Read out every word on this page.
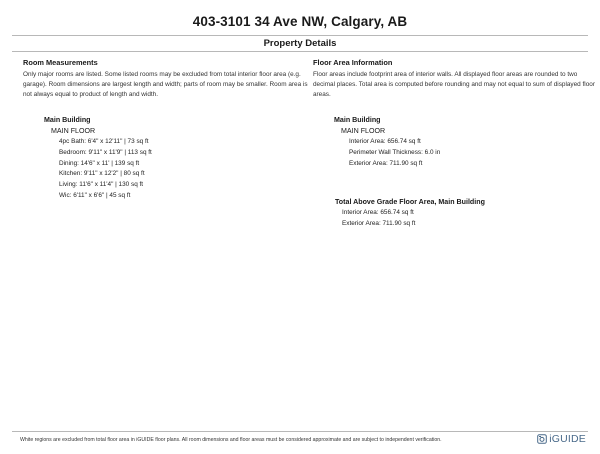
403-3101 34 Ave NW, Calgary, AB
Property Details

Room Measurements

Only major rooms are listed. Some listed rooms may be excluded from total interior floor area (e.g. garage). Room dimensions are largest length and width; parts of room may be smaller. Room area is not always equal to product of length and width.

Main Building
MAIN FLOOR
4pc Bath: 6'4" x 12'11" | 73 sq ft
Bedroom: 9'11" x 11'9" | 113 sq ft
Dining: 14'6" x 11' | 139 sq ft
Kitchen: 9'11" x 12'2" | 80 sq ft
Living: 11'6" x 11'4" | 130 sq ft
Wic: 6'11" x 6'6" | 45 sq ft

Floor Area Information

Floor areas include footprint area of interior walls. All displayed floor areas are rounded to two decimal places. Total area is computed before rounding and may not equal to sum of displayed floor areas.

Main Building
MAIN FLOOR
Interior Area: 656.74 sq ft
Perimeter Wall Thickness: 6.0 in
Exterior Area: 711.90 sq ft
Total Above Grade Floor Area, Main Building
Interior Area: 656.74 sq ft
Exterior Area: 711.90 sq ft
White regions are excluded from total floor area in iGUIDE floor plans. All room dimensions and floor areas must be considered approximate and are subject to independent verification.	iGUIDE
